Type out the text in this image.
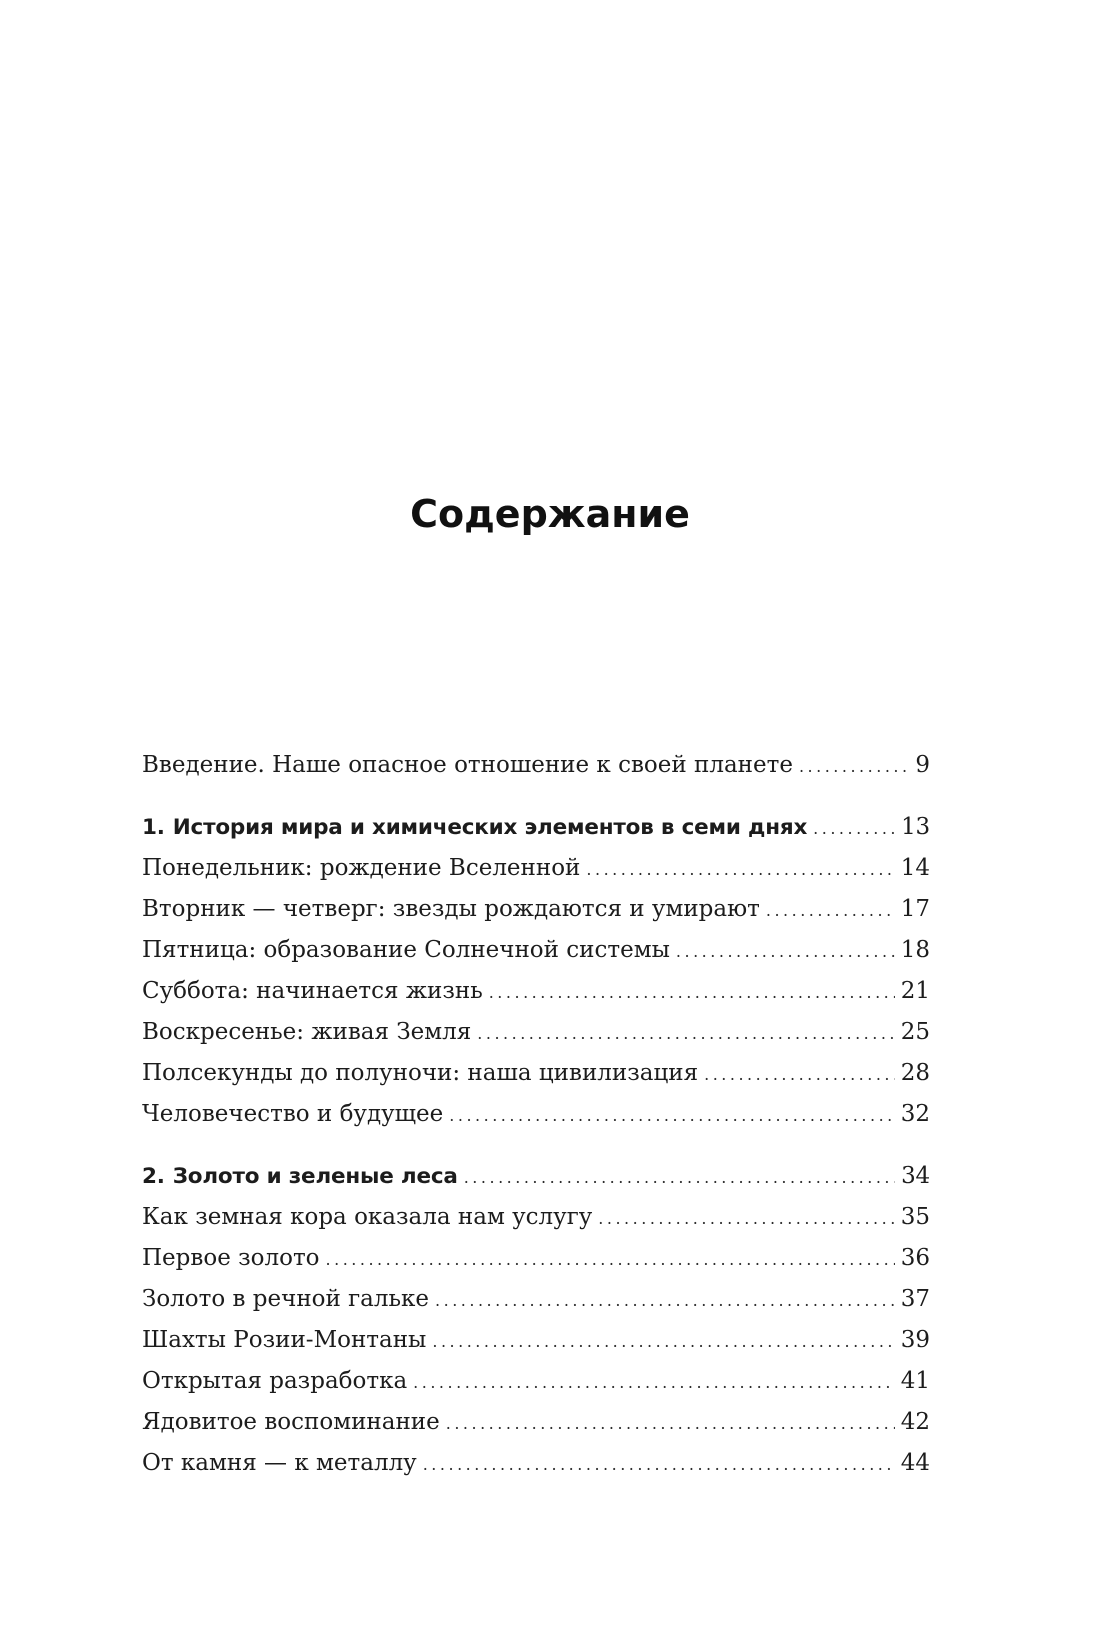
Содержание
Введение. Наше опасное отношение к своей планете .....	9
1. История мира и химических элементов в семи днях .....	13
Понедельник: рождение Вселенной .....	14
Вторник — четверг: звезды рождаются и умирают .....	17
Пятница: образование Солнечной системы .....	18
Суббота: начинается жизнь .....	21
Воскресенье: живая Земля .....	25
Полсекунды до полуночи: наша цивилизация .....	28
Человечество и будущее .....	32
2. Золото и зеленые леса .....	34
Как земная кора оказала нам услугу .....	35
Первое золото .....	36
Золото в речной гальке .....	37
Шахты Розии-Монтаны .....	39
Открытая разработка .....	41
Ядовитое воспоминание .....	42
От камня — к металлу .....	44
